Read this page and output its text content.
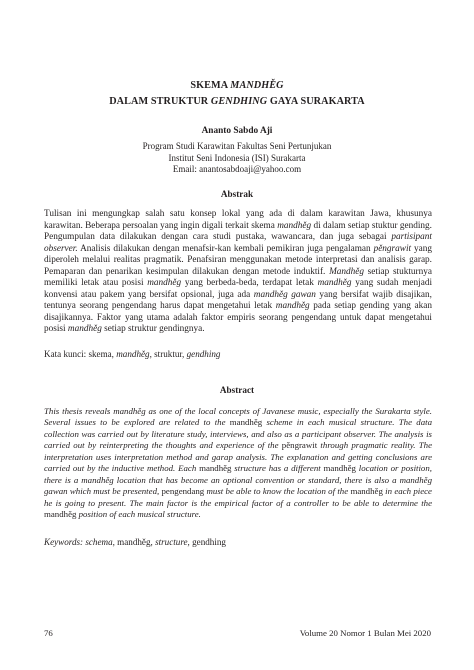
SKEMA MANDHĚG
DALAM STRUKTUR GENDHING GAYA SURAKARTA
Ananto Sabdo Aji
Program Studi Karawitan Fakultas Seni Pertunjukan
Institut Seni Indonesia (ISI) Surakarta
Email: anantosabdoaji@yahoo.com
Abstrak
Tulisan ini mengungkap salah satu konsep lokal yang ada di dalam karawitan Jawa, khusunya karawitan. Beberapa persoalan yang ingin digali terkait skema mandhěg di dalam setiap stuktur gending. Pengumpulan data dilakukan dengan cara studi pustaka, wawancara, dan juga sebagai partisipant observer. Analisis dilakukan dengan menafsir-kan kembali pemikiran juga pengalaman pěngrawit yang diperoleh melalui realitas pragmatik. Penafsiran menggunakan metode interpretasi dan analisis garap. Pemaparan dan penarikan kesimpulan dilakukan dengan metode induktif. Mandhěg setiap stukturnya memiliki letak atau posisi mandhěg yang berbeda-beda, terdapat letak mandhěg yang sudah menjadi konvensi atau pakem yang bersifat opsional, juga ada mandhěg gawan yang bersifat wajib disajikan, tentunya seorang pengendang harus dapat mengetahui letak mandhěg pada setiap gending yang akan disajikannya. Faktor yang utama adalah faktor empiris seorang pengendang untuk dapat mengetahui posisi mandhěg setiap struktur gendingnya.
Kata kunci: skema, mandhěg, struktur, gendhing
Abstract
This thesis reveals mandhěg as one of the local concepts of Javanese music, especially the Surakarta style. Several issues to be explored are related to the mandhěg scheme in each musical structure. The data collection was carried out by literature study, interviews, and also as a participant observer. The analysis is carried out by reinterpreting the thoughts and experience of the pěngrawit through pragmatic reality. The interpretation uses interpretation method and garap analysis. The explanation and getting conclusions are carried out by the inductive method. Each mandhěg structure has a different mandhěg location or position, there is a mandhěg location that has become an optional convention or standard, there is also a mandhěg gawan which must be presented, pengendang must be able to know the location of the mandhěg in each piece he is going to present. The main factor is the empirical factor of a controller to be able to determine the mandhěg position of each musical structure.
Keywords: schema, mandhěg, structure, gendhing
76	Volume 20 Nomor 1 Bulan Mei 2020
